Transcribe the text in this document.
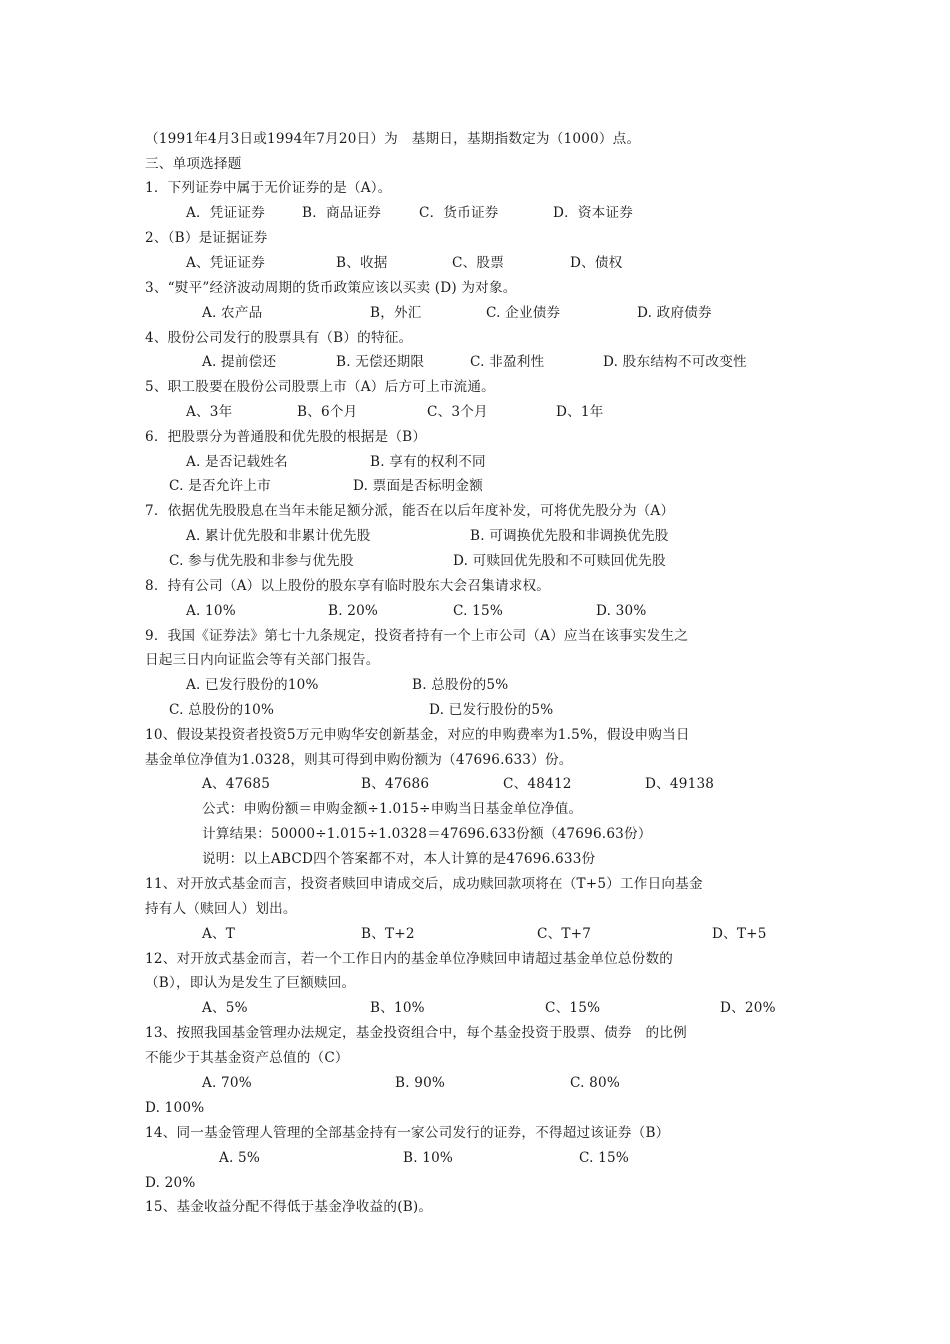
（1991年4月3日或1994年7月20日）为　基期日，基期指数定为（1000）点。
三、单项选择题
1．下列证券中属于无价证券的是（A）。
A．凭证证券	B．商品证券	C．货币证券	D．资本证券
2、（B）是证据证券
A、凭证证券	B、收据	C、股票	D、债权
3、“熨平”经济波动周期的货币政策应该以买卖 (D) 为对象。
A. 农产品	B，外汇	C. 企业债券	D. 政府债券
4、股份公司发行的股票具有（B）的特征。
A. 提前偿还	B. 无偿还期限	C. 非盈利性	D. 股东结构不可改变性
5、职工股要在股份公司股票上市（A）后方可上市流通。
A、3年	B、6个月	C、3个月	D、1年
6．把股票分为普通股和优先股的根据是（B）
A. 是否记载姓名	B. 享有的权利不同
C. 是否允许上市	D. 票面是否标明金额
7．依据优先股股息在当年未能足额分派，能否在以后年度补发，可将优先股分为（A）
A. 累计优先股和非累计优先股	B. 可调换优先股和非调换优先股
C. 参与优先股和非参与优先股	D. 可赎回优先股和不可赎回优先股
8．持有公司（A）以上股份的股东享有临时股东大会召集请求权。
A. 10%	B. 20%	C. 15%	D. 30%
9．我国《证券法》第七十九条规定，投资者持有一个上市公司（A）应当在该事实发生之
日起三日内向证监会等有关部门报告。
A. 已发行股份的10%	B. 总股份的5%
C. 总股份的10%	D. 已发行股份的5%
10、假设某投资者投资5万元申购华安创新基金，对应的申购费率为1.5%，假设申购当日
基金单位净值为1.0328，则其可得到申购份额为（47696.633）份。
A、47685	B、47686	C、48412	D、49138
公式：申购份额＝申购金额÷1.015÷申购当日基金单位净值。
计算结果：50000÷1.015÷1.0328＝47696.633份额（47696.63份）
说明：以上ABCD四个答案都不对，本人计算的是47696.633份
11、对开放式基金而言，投资者赎回申请成交后，成功赎回款项将在（T+5）工作日向基金
持有人（赎回人）划出。
A、T	B、T+2	C、T+7	D、T+5
12、对开放式基金而言，若一个工作日内的基金单位净赎回申请超过基金单位总份数的
（B），即认为是发生了巨额赎回。
A、5%	B、10%	C、15%	D、20%
13、按照我国基金管理办法规定，基金投资组合中，每个基金投资于股票、债券　的比例
不能少于其基金资产总值的（C）
A. 70%	B. 90%	C. 80%
D. 100%
14、同一基金管理人管理的全部基金持有一家公司发行的证券，不得超过该证券（B）
A. 5%	B. 10%	C. 15%
D. 20%
15、基金收益分配不得低于基金净收益的(B)。
